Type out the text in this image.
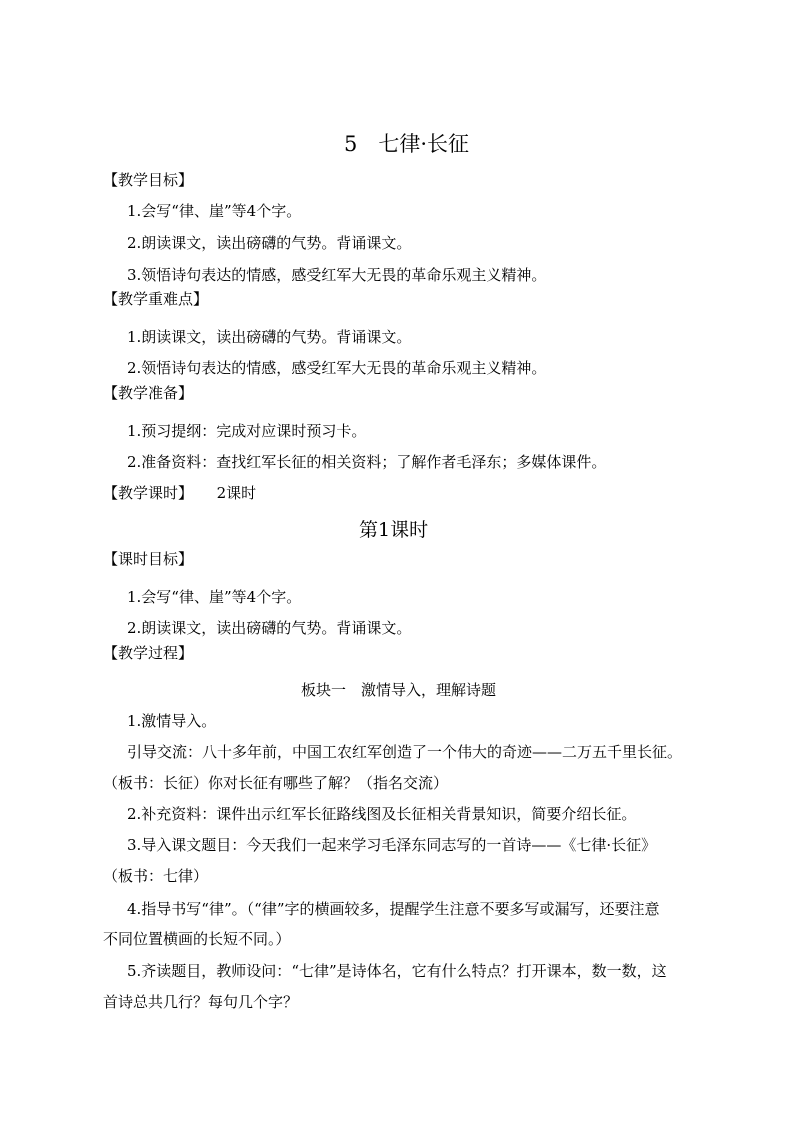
5　七律·长征
【教学目标】
1.会写“律、崖”等4个字。
2.朗读课文，读出磅礴的气势。背诵课文。
3.领悟诗句表达的情感，感受红军大无畏的革命乐观主义精神。
【教学重难点】
1.朗读课文，读出磅礴的气势。背诵课文。
2.领悟诗句表达的情感，感受红军大无畏的革命乐观主义精神。
【教学准备】
1.预习提纲：完成对应课时预习卡。
2.准备资料：查找红军长征的相关资料；了解作者毛泽东；多媒体课件。
【教学课时】 2课时
第1课时
【课时目标】
1.会写“律、崖”等4个字。
2.朗读课文，读出磅礴的气势。背诵课文。
【教学过程】
板块一　激情导入，理解诗题
1.激情导入。
引导交流：八十多年前，中国工农红军创造了一个伟大的奇迹——二万五千里长征。
（板书：长征）你对长征有哪些了解？（指名交流）
2.补充资料：课件出示红军长征路线图及长征相关背景知识，简要介绍长征。
3.导入课文题目：今天我们一起来学习毛泽东同志写的一首诗——《七律·长征》
（板书：七律）
4.指导书写“律”。（“律”字的横画较多，提醒学生注意不要多写或漏写，还要注意
不同位置横画的长短不同。）
5.齐读题目，教师设问：“七律”是诗体名，它有什么特点？打开课本，数一数，这
首诗总共几行？每句几个字？
